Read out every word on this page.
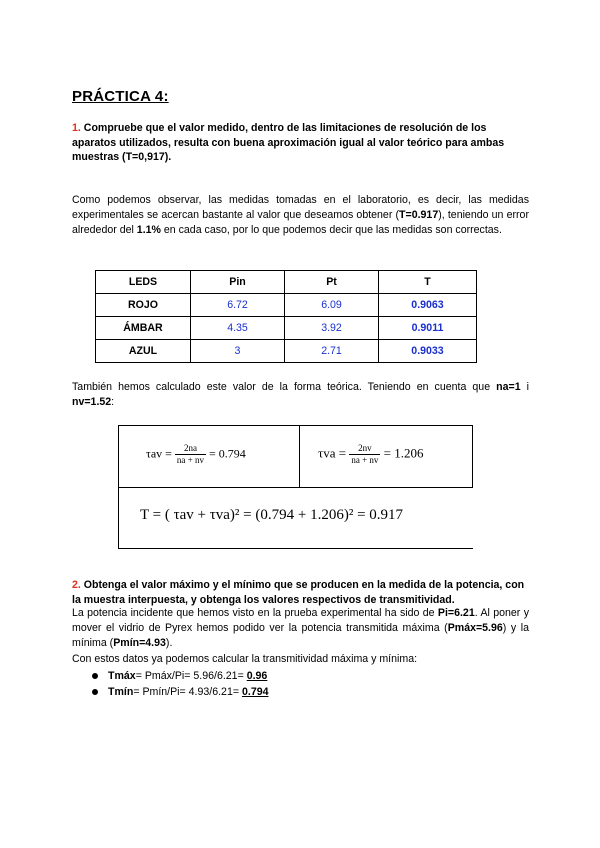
PRÁCTICA 4:
1. Compruebe que el valor medido, dentro de las limitaciones de resolución de los aparatos utilizados, resulta con buena aproximación igual al valor teórico para ambas muestras (T=0,917).
Como podemos observar, las medidas tomadas en el laboratorio, es decir, las medidas experimentales se acercan bastante al valor que deseamos obtener (T=0.917), teniendo un error alrededor del 1.1% en cada caso, por lo que podemos decir que las medidas son correctas.
LEDS	Pin	Pt	T
ROJO	6.72	6.09	0.9063
ÁMBAR	4.35	3.92	0.9011
AZUL	3	2.71	0.9033
También hemos calculado este valor de la forma teórica. Teniendo en cuenta que na=1 i nv=1.52:
$\tau av = \frac{2na}{na + nv} = 0.794$	$\tau va = \frac{2nv}{na + nv} = 1.206$
T = ( τav + τva)² = (0.794 + 1.206)² = 0.917
2. Obtenga el valor máximo y el mínimo que se producen en la medida de la potencia, con la muestra interpuesta, y obtenga los valores respectivos de transmitividad.
La potencia incidente que hemos visto en la prueba experimental ha sido de Pi=6.21. Al poner y mover el vidrio de Pyrex hemos podido ver la potencia transmitida máxima (Pmáx=5.96) y la mínima (Pmín=4.93).
Con estos datos ya podemos calcular la transmitividad máxima y mínima:
Tmáx= Pmáx/Pi= 5.96/6.21= 0.96
Tmín= Pmín/Pi= 4.93/6.21= 0.794
